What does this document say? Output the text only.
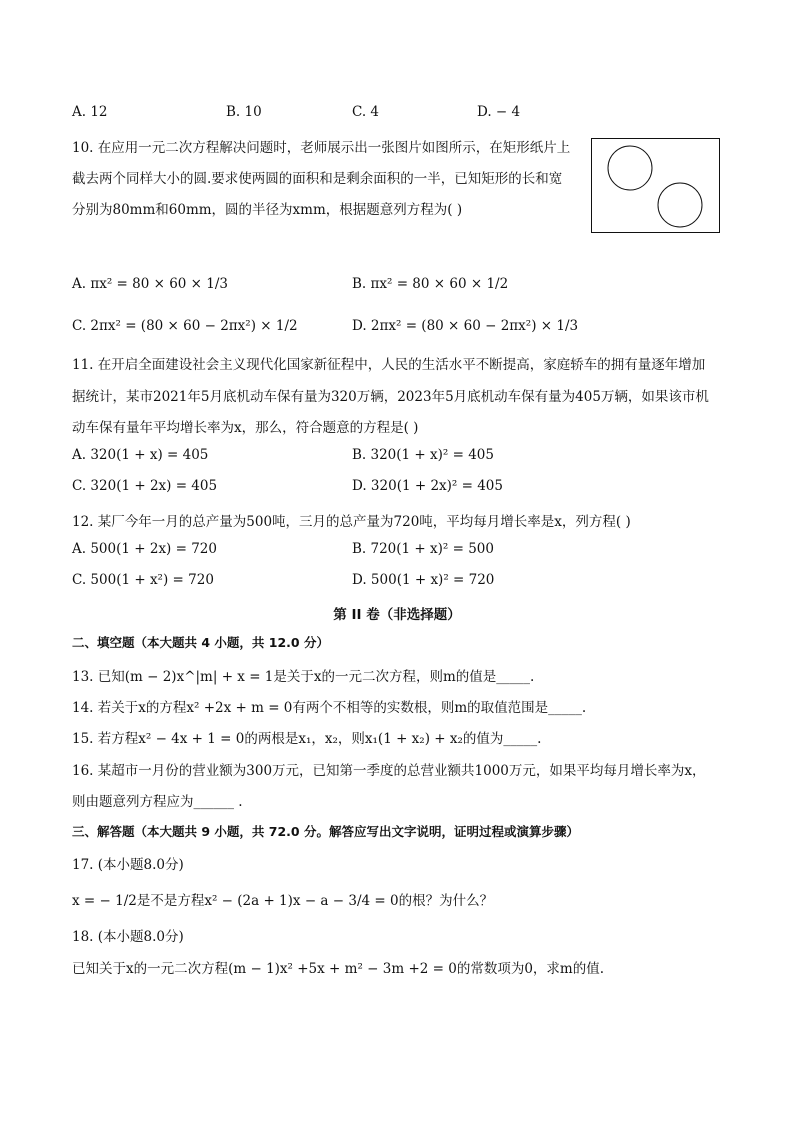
A. 12	B. 10	C. 4	D. − 4
10. 在应用一元二次方程解决问题时，老师展示出一张图片如图所示，在矩形纸片上
截去两个同样大小的圆.要求使两圆的面积和是剩余面积的一半，已知矩形的长和宽
分别为80mm和60mm，圆的半径为xmm，根据题意列方程为( )
A. πx² = 80 × 60 × 1/3	B. πx² = 80 × 60 × 1/2
C. 2πx² = (80 × 60 − 2πx²) × 1/2	D. 2πx² = (80 × 60 − 2πx²) × 1/3
11. 在开启全面建设社会主义现代化国家新征程中，人民的生活水平不断提高，家庭轿车的拥有量逐年增加
据统计，某市2021年5月底机动车保有量为320万辆，2023年5月底机动车保有量为405万辆，如果该市机
动车保有量年平均增长率为x，那么，符合题意的方程是( )
A. 320(1 + x) = 405	B. 320(1 + x)² = 405
C. 320(1 + 2x) = 405	D. 320(1 + 2x)² = 405
12. 某厂今年一月的总产量为500吨，三月的总产量为720吨，平均每月增长率是x，列方程( )
A. 500(1 + 2x) = 720	B. 720(1 + x)² = 500
C. 500(1 + x²) = 720	D. 500(1 + x)² = 720
第 II 卷（非选择题）
二、填空题（本大题共 4 小题，共 12.0 分）
13. 已知(m − 2)x^|m| + x = 1是关于x的一元二次方程，则m的值是_____.
14. 若关于x的方程x² +2x + m = 0有两个不相等的实数根，则m的取值范围是_____.
15. 若方程x² − 4x + 1 = 0的两根是x₁，x₂，则x₁(1 + x₂) + x₂的值为_____.
16. 某超市一月份的营业额为300万元，已知第一季度的总营业额共1000万元，如果平均每月增长率为x，
则由题意列方程应为______ .
三、解答题（本大题共 9 小题，共 72.0 分。解答应写出文字说明，证明过程或演算步骤）
17. (本小题8.0分)
x = − 1/2是不是方程x² − (2a + 1)x − a − 3/4 = 0的根？为什么？
18. (本小题8.0分)
已知关于x的一元二次方程(m − 1)x² +5x + m² − 3m +2 = 0的常数项为0，求m的值.
